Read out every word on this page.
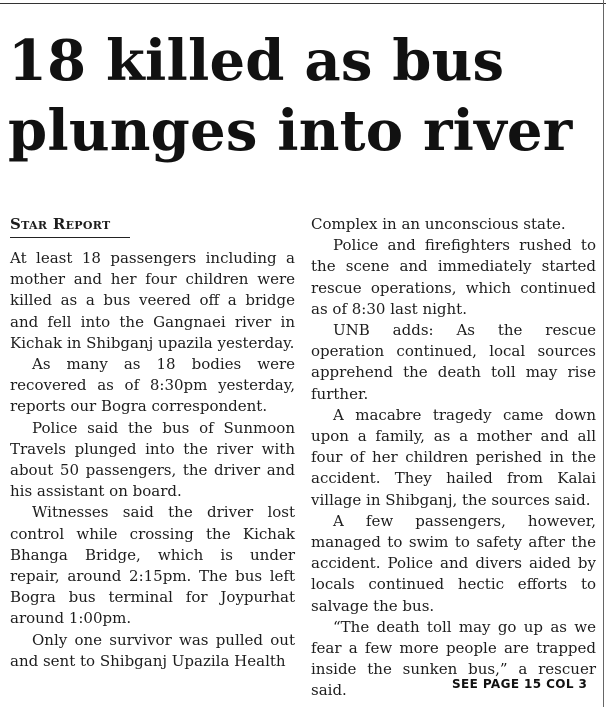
18 killed as bus plunges into river
Star Report

At least 18 passengers including a mother and her four children were killed as a bus veered off a bridge and fell into the Gangnaei river in Kichak in Shibganj upazila yesterday.

As many as 18 bodies were recovered as of 8:30pm yesterday, reports our Bogra correspondent.

Police said the bus of Sunmoon Travels plunged into the river with about 50 passengers, the driver and his assistant on board.

Witnesses said the driver lost control while crossing the Kichak Bhanga Bridge, which is under repair, around 2:15pm. The bus left Bogra bus terminal for Joypurhat around 1:00pm.

Only one survivor was pulled out and sent to Shibganj Upazila Health

Complex in an unconscious state.

Police and firefighters rushed to the scene and immediately started rescue operations, which continued as of 8:30 last night.

UNB adds: As the rescue operation continued, local sources apprehend the death toll may rise further.

A macabre tragedy came down upon a family, as a mother and all four of her children perished in the accident. They hailed from Kalai village in Shibganj, the sources said.

A few passengers, however, managed to swim to safety after the accident. Police and divers aided by locals continued hectic efforts to salvage the bus.

“The death toll may go up as we fear a few more people are trapped inside the sunken bus,” a rescuer said.	SEE PAGE 15 COL 3
